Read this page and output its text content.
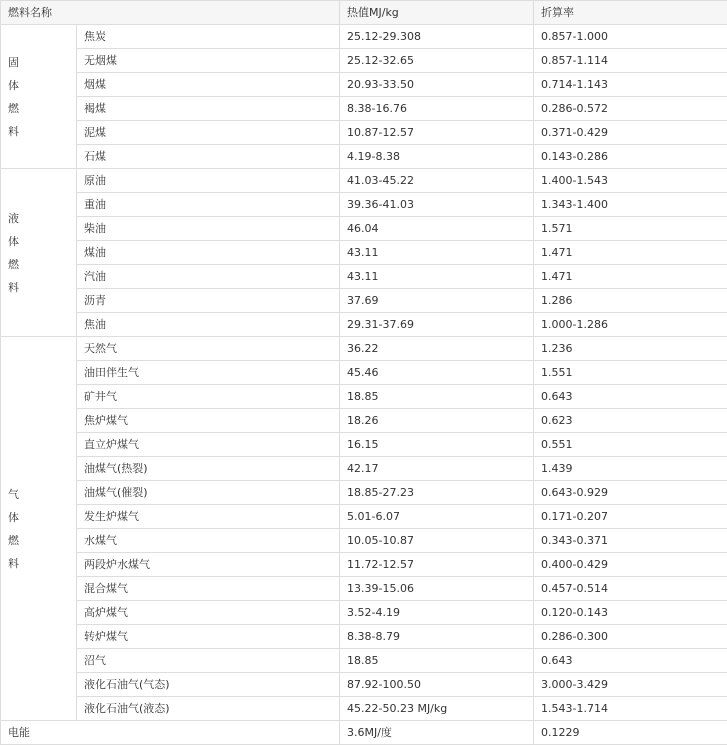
燃料名称		热值MJ/kg	折算率

固
体
燃
料	焦炭	25.12-29.308	0.857-1.000
	无烟煤	25.12-32.65	0.857-1.114
	烟煤	20.93-33.50	0.714-1.143
	褐煤	8.38-16.76	0.286-0.572
	泥煤	10.87-12.57	0.371-0.429
	石煤	4.19-8.38	0.143-0.286

液
体
燃
料	原油	41.03-45.22	1.400-1.543
	重油	39.36-41.03	1.343-1.400
	柴油	46.04	1.571
	煤油	43.11	1.471
	汽油	43.11	1.471
	沥青	37.69	1.286
	焦油	29.31-37.69	1.000-1.286

气
体
燃
料	天然气	36.22	1.236
	油田伴生气	45.46	1.551
	矿井气	18.85	0.643
	焦炉煤气	18.26	0.623
	直立炉煤气	16.15	0.551
	油煤气(热裂)	42.17	1.439
	油煤气(催裂)	18.85-27.23	0.643-0.929
	发生炉煤气	5.01-6.07	0.171-0.207
	水煤气	10.05-10.87	0.343-0.371
	两段炉水煤气	11.72-12.57	0.400-0.429
	混合煤气	13.39-15.06	0.457-0.514
	高炉煤气	3.52-4.19	0.120-0.143
	转炉煤气	8.38-8.79	0.286-0.300
	沼气	18.85	0.643
	液化石油气(气态)	87.92-100.50	3.000-3.429
	液化石油气(液态)	45.22-50.23 MJ/kg	1.543-1.714
电能		3.6MJ/度	0.1229
